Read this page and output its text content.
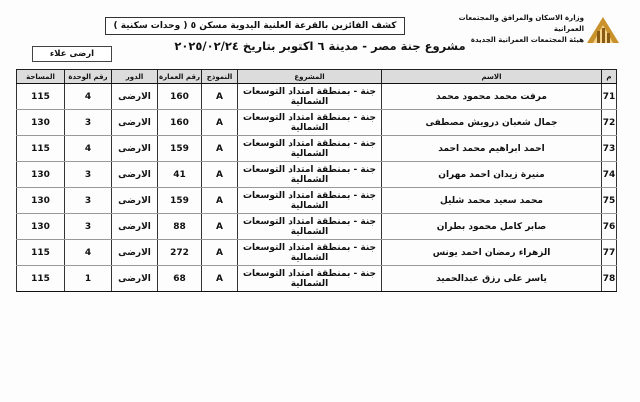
وزارة الاسكان والمرافق والمجتمعات العمرانية
هيئة المجتمعات العمرانية الجديدة
كشف الفائزين بالقرعة العلنية اليدوية مسكن ٥ ( وحدات سكنية )
مشروع جنة مصر - مدينة ٦ اكتوبر بتاريخ ٢٠٢٥/٠٢/٢٤
ارضى علاء
م	الاسم	المشروع	النموذج	رقم العمارة	الدور	رقم الوحدة	المساحة
71	مرفت محمد محمود محمد	جنة - بمنطقة امتداد التوسعات الشمالية	A	160	الارضى	4	115
72	جمال شعبان درويش مصطفى	جنة - بمنطقة امتداد التوسعات الشمالية	A	160	الارضى	3	130
73	احمد ابراهيم محمد احمد	جنة - بمنطقة امتداد التوسعات الشمالية	A	159	الارضى	4	115
74	منيرة زيدان احمد مهران	جنة - بمنطقة امتداد التوسعات الشمالية	A	41	الارضى	3	130
75	محمد سعيد محمد شليل	جنة - بمنطقة امتداد التوسعات الشمالية	A	159	الارضى	3	130
76	صابر كامل محمود بطران	جنة - بمنطقة امتداد التوسعات الشمالية	A	88	الارضى	3	130
77	الزهراء رمضان احمد يونس	جنة - بمنطقة امتداد التوسعات الشمالية	A	272	الارضى	4	115
78	ياسر على رزق عبدالحميد	جنة - بمنطقة امتداد التوسعات الشمالية	A	68	الارضى	1	115
